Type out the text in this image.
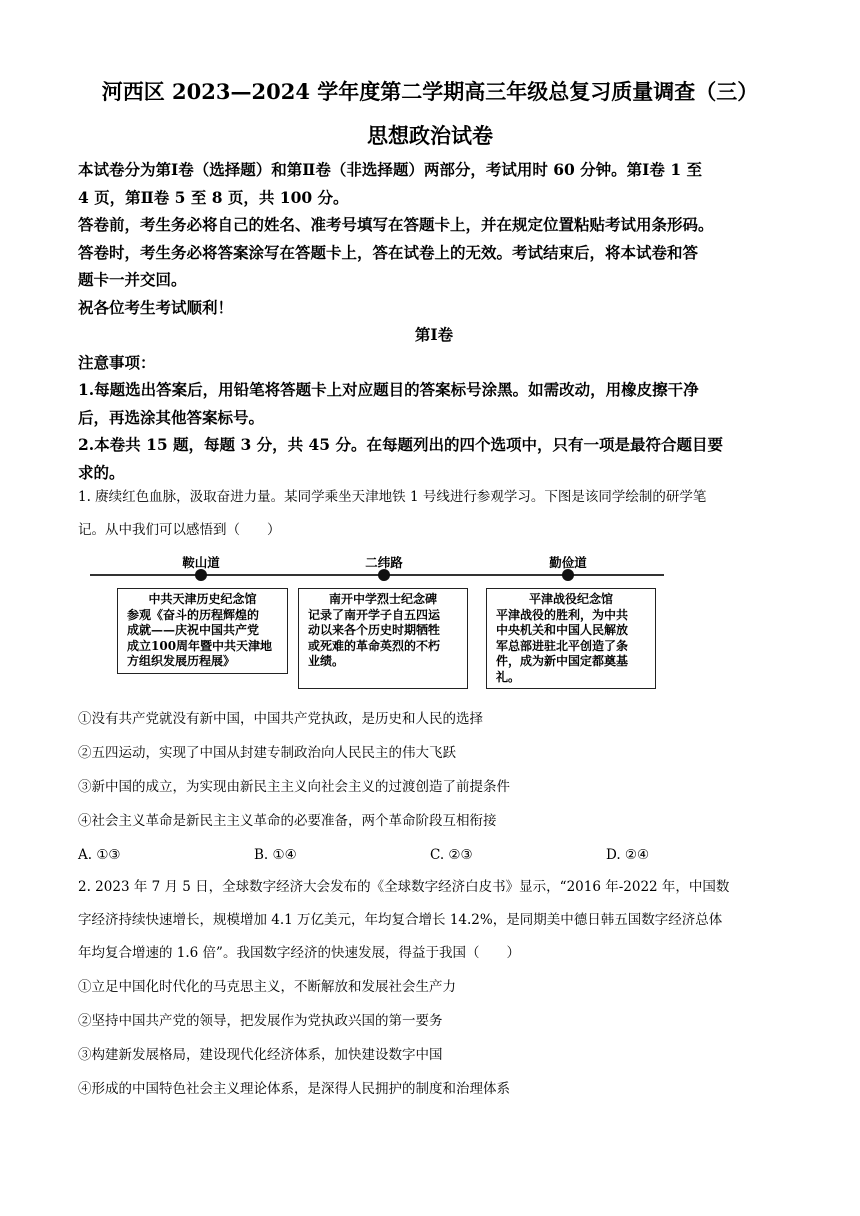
河西区 2023—2024 学年度第二学期高三年级总复习质量调查（三）
思想政治试卷

本试卷分为第Ⅰ卷（选择题）和第Ⅱ卷（非选择题）两部分，考试用时 60 分钟。第Ⅰ卷 1 至

4 页，第Ⅱ卷 5 至 8 页，共 100 分。

答卷前，考生务必将自己的姓名、准考号填写在答题卡上，并在规定位置粘贴考试用条形码。

答卷时，考生务必将答案涂写在答题卡上，答在试卷上的无效。考试结束后，将本试卷和答

题卡一并交回。

祝各位考生考试顺利！

第Ⅰ卷

注意事项：

1.每题选出答案后，用铅笔将答题卡上对应题目的答案标号涂黑。如需改动，用橡皮擦干净

后，再选涂其他答案标号。

2.本卷共 15 题，每题 3 分，共 45 分。在每题列出的四个选项中，只有一项是最符合题目要

求的。

1. 赓续红色血脉，汲取奋进力量。某同学乘坐天津地铁 1 号线进行参观学习。下图是该同学绘制的研学笔

记。从中我们可以感悟到（　　）

鞍山道	二纬路	勤俭道
中共天津历史纪念馆
参观《奋斗的历程辉煌的
成就——庆祝中国共产党
成立100周年暨中共天津地
方组织发展历程展》
南开中学烈士纪念碑
记录了南开学子自五四运
动以来各个历史时期牺牲
或死难的革命英烈的不朽
业绩。
平津战役纪念馆
平津战役的胜利，为中共
中央机关和中国人民解放
军总部进驻北平创造了条
件，成为新中国定都奠基
礼。

①没有共产党就没有新中国，中国共产党执政，是历史和人民的选择

②五四运动，实现了中国从封建专制政治向人民民主的伟大飞跃

③新中国的成立，为实现由新民主主义向社会主义的过渡创造了前提条件

④社会主义革命是新民主主义革命的必要准备，两个革命阶段互相衔接

A. ①③	B. ①④	C. ②③	D. ②④

2. 2023 年 7 月 5 日，全球数字经济大会发布的《全球数字经济白皮书》显示，“2016 年-2022 年，中国数

字经济持续快速增长，规模增加 4.1 万亿美元，年均复合增长 14.2%，是同期美中德日韩五国数字经济总体

年均复合增速的 1.6 倍”。我国数字经济的快速发展，得益于我国（　　）

①立足中国化时代化的马克思主义，不断解放和发展社会生产力

②坚持中国共产党的领导，把发展作为党执政兴国的第一要务

③构建新发展格局，建设现代化经济体系，加快建设数字中国

④形成的中国特色社会主义理论体系，是深得人民拥护的制度和治理体系
